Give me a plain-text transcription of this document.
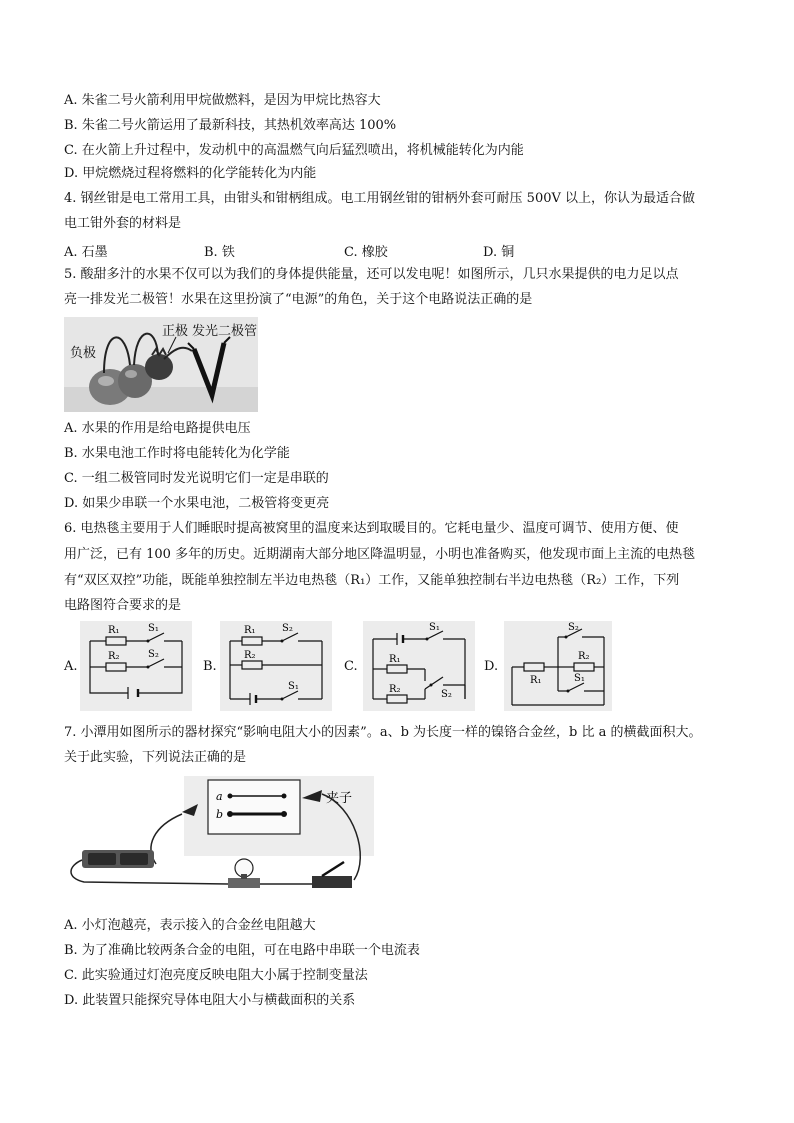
A. 朱雀二号火箭利用甲烷做燃料，是因为甲烷比热容大
B. 朱雀二号火箭运用了最新科技，其热机效率高达 100%
C. 在火箭上升过程中，发动机中的高温燃气向后猛烈喷出，将机械能转化为内能
D. 甲烷燃烧过程将燃料的化学能转化为内能
4. 钢丝钳是电工常用工具，由钳头和钳柄组成。电工用钢丝钳的钳柄外套可耐压 500V 以上，你认为最适合做
电工钳外套的材料是
A. 石墨	B. 铁	C. 橡胶	D. 铜
5. 酸甜多汁的水果不仅可以为我们的身体提供能量，还可以发电呢！如图所示，几只水果提供的电力足以点
亮一排发光二极管！水果在这里扮演了“电源”的角色，关于这个电路说法正确的是
负极
正极 发光二极管
A. 水果的作用是给电路提供电压
B. 水果电池工作时将电能转化为化学能
C. 一组二极管同时发光说明它们一定是串联的
D. 如果少串联一个水果电池，二极管将变更亮
6. 电热毯主要用于人们睡眠时提高被窝里的温度来达到取暖目的。它耗电量少、温度可调节、使用方便、使
用广泛，已有 100 多年的历史。近期湖南大部分地区降温明显，小明也准备购买，他发现市面上主流的电热毯
有“双区双控”功能，既能单独控制左半边电热毯（R₁）工作，又能单独控制右半边电热毯（R₂）工作，下列
电路图符合要求的是
A.
R₁	S₁
R₂	S₂
B.
R₁	S₂
R₂
S₁
C.
S₁
R₁
S₂
R₂
D.
S₂
R₂
R₁	S₁
7. 小潭用如图所示的器材探究“影响电阻大小的因素”。a、b 为长度一样的镍铬合金丝，b 比 a 的横截面积大。
关于此实验，下列说法正确的是
a
b
夹子
A. 小灯泡越亮，表示接入的合金丝电阻越大
B. 为了准确比较两条合金的电阻，可在电路中串联一个电流表
C. 此实验通过灯泡亮度反映电阻大小属于控制变量法
D. 此装置只能探究导体电阻大小与横截面积的关系
